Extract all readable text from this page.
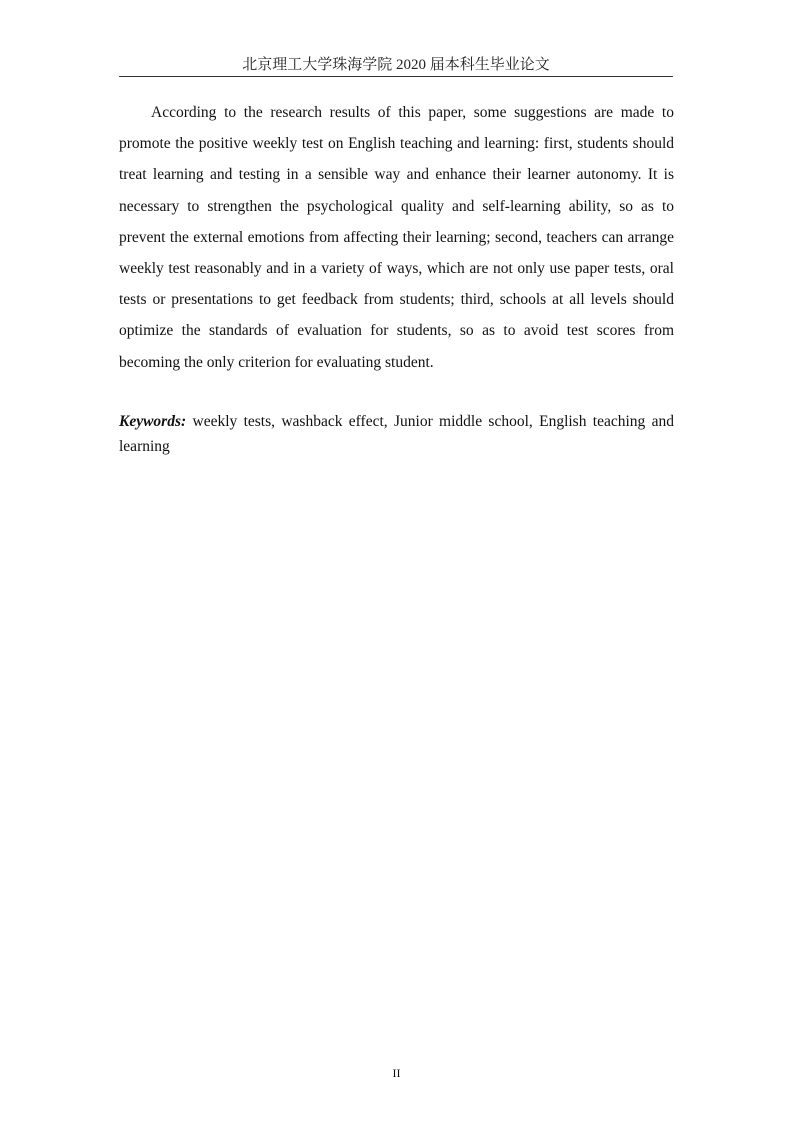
北京理工大学珠海学院 2020 届本科生毕业论文

According to the research results of this paper, some suggestions are made to promote the positive weekly test on English teaching and learning: first, students should treat learning and testing in a sensible way and enhance their learner autonomy. It is necessary to strengthen the psychological quality and self-learning ability, so as to prevent the external emotions from affecting their learning; second, teachers can arrange weekly test reasonably and in a variety of ways, which are not only use paper tests, oral tests or presentations to get feedback from students; third, schools at all levels should optimize the standards of evaluation for students, so as to avoid test scores from becoming the only criterion for evaluating student.

Keywords: weekly tests, washback effect, Junior middle school, English teaching and learning

II
